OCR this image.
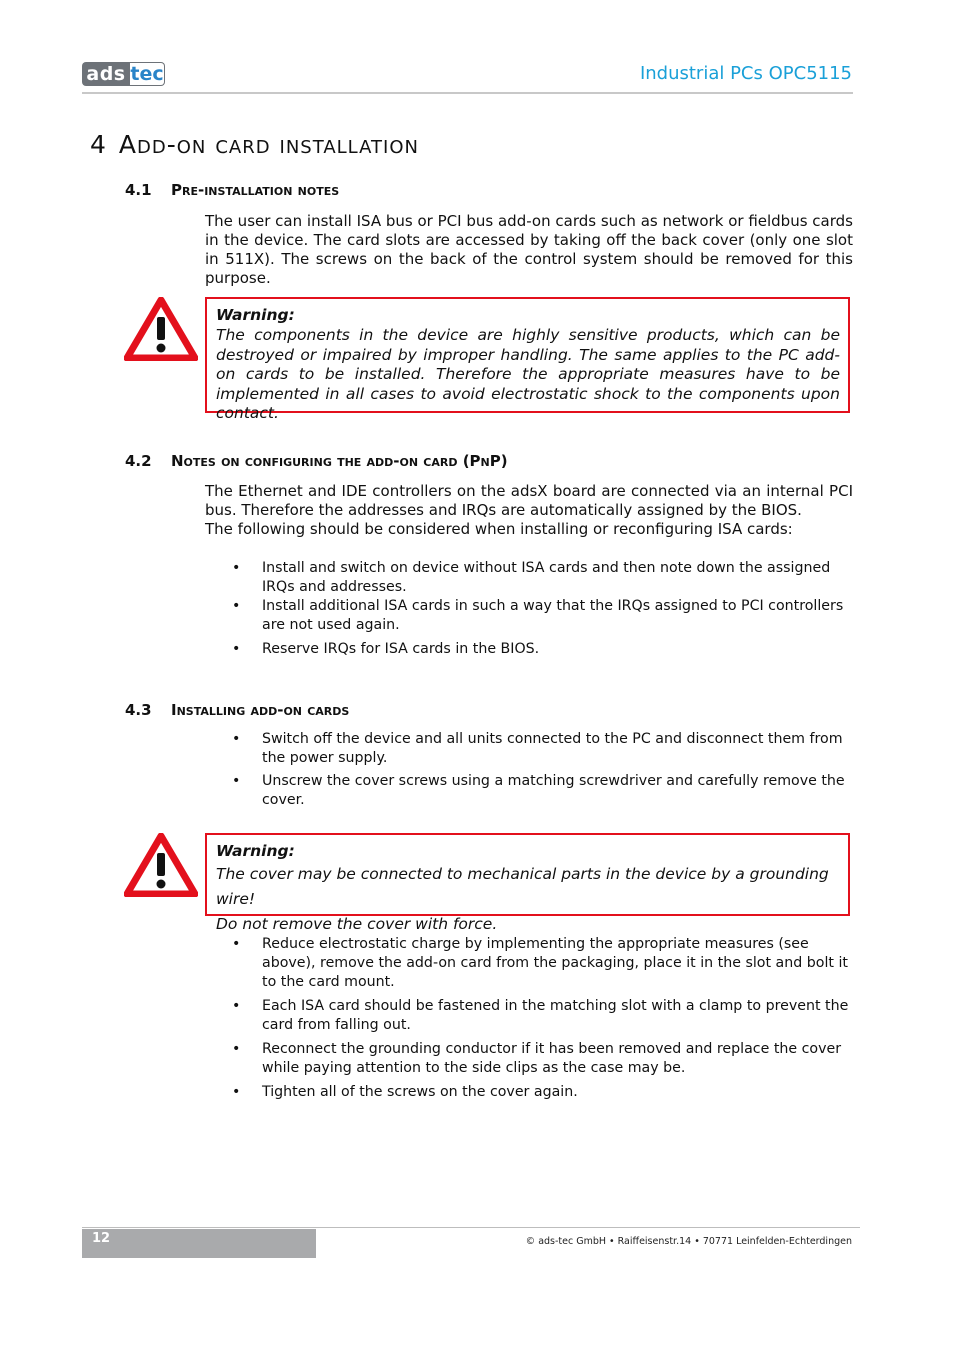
ads tec	Industrial PCs OPC5115
4 Add-on card installation
4.1 Pre-installation notes

The user can install ISA bus or PCI bus add-on cards such as network or fieldbus cards in the device. The card slots are accessed by taking off the back cover (only one slot in 511X). The screws on the back of the control system should be removed for this purpose.

Warning:
The components in the device are highly sensitive products, which can be destroyed or impaired by improper handling. The same applies to the PC add-on cards to be installed. Therefore the appropriate measures have to be implemented in all cases to avoid electrostatic shock to the components upon contact.
4.2 Notes on configuring the add-on card (PnP)

The Ethernet and IDE controllers on the adsX board are connected via an internal PCI bus. Therefore the addresses and IRQs are automatically assigned by the BIOS.

The following should be considered when installing or reconfiguring ISA cards:

• Install and switch on device without ISA cards and then note down the assigned IRQs and addresses.
• Install additional ISA cards in such a way that the IRQs assigned to PCI controllers are not used again.
• Reserve IRQs for ISA cards in the BIOS.
4.3 Installing add-on cards
• Switch off the device and all units connected to the PC and disconnect them from the power supply.
• Unscrew the cover screws using a matching screwdriver and carefully remove the cover.
Warning:
The cover may be connected to mechanical parts in the device by a grounding wire!
Do not remove the cover with force.
• Reduce electrostatic charge by implementing the appropriate measures (see above), remove the add-on card from the packaging, place it in the slot and bolt it to the card mount.
• Each ISA card should be fastened in the matching slot with a clamp to prevent the card from falling out.
• Reconnect the grounding conductor if it has been removed and replace the cover while paying attention to the side clips as the case may be.
• Tighten all of the screws on the cover again.
12	© ads-tec GmbH • Raiffeisenstr.14 • 70771 Leinfelden-Echterdingen
